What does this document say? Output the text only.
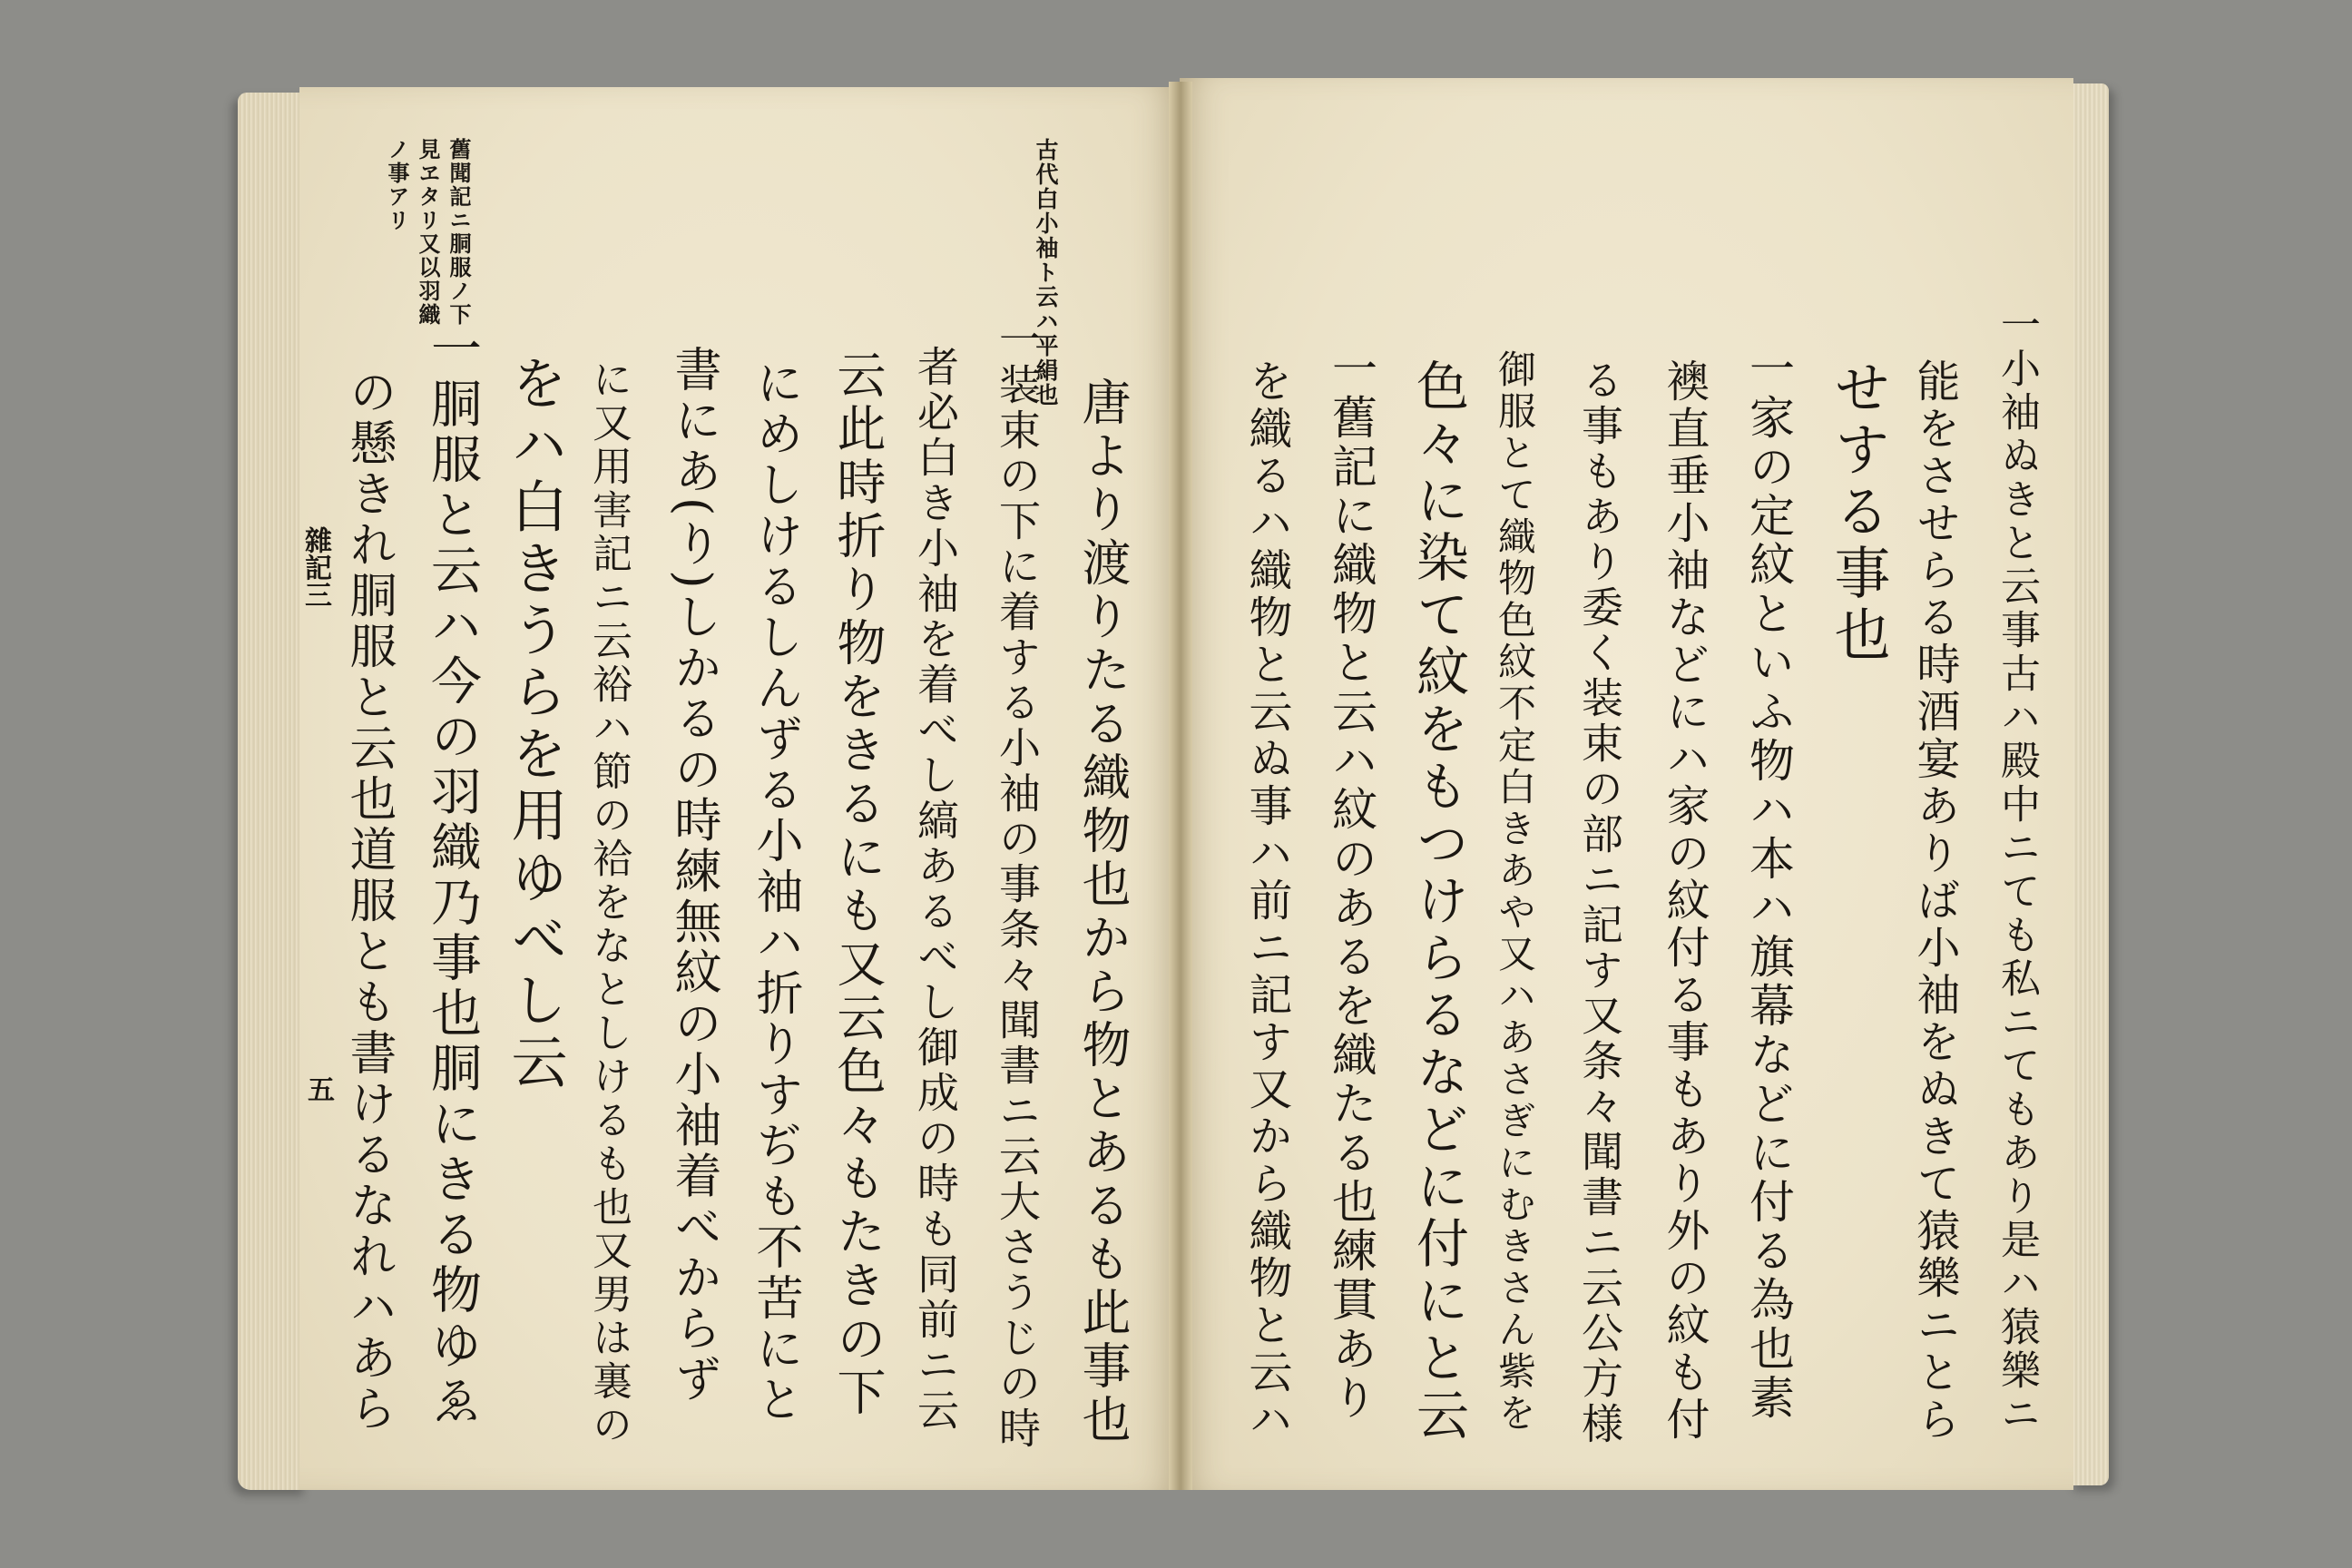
一小袖ぬきと云事古ハ殿中ニても私ニてもあり是ハ猿樂ニ
能をさせらる時酒宴ありば小袖をぬきて猿樂ニとら
せする事也
一家の定紋といふ物ハ本ハ旗幕などに付る為也素
襖直垂小袖などにハ家の紋付る事もあり外の紋も付
る事もあり委く装束の部ニ記す又条々聞書ニ云公方様
御服とて織物色紋不定白きあや又ハあさぎにむきさん紫を
色々に染て紋をもつけらるなどに付にと云
一舊記に織物と云ハ紋のあるを織たる也練貫あり
を織るハ織物と云ぬ事ハ前ニ記す又から織物と云ハ
古代白小袖ト云ハ平絹也
唐より渡りたる織物也から物とあるも此事也
一装束の下に着する小袖の事条々聞書ニ云大さうじの時
者必白き小袖を着べし縞あるべし御成の時も同前ニ云
云此時折り物をきるにも又云色々もたきの下
にめしけるしんずる小袖ハ折りすぢも不苦にと
書にあ(り)しかるの時練無紋の小袖着べからず
に又用害記ニ云裕ハ節の袷をなとしけるも也又男は裏の
をハ白きうらを用ゆべし云
一胴服と云ハ今の羽織乃事也胴にきる物ゆゑ
の懸きれ胴服と云也道服とも書けるなれハあら
舊聞記ニ胴服ノ下見ヱタリ又以羽織ノ事アリ
雜記三
五
